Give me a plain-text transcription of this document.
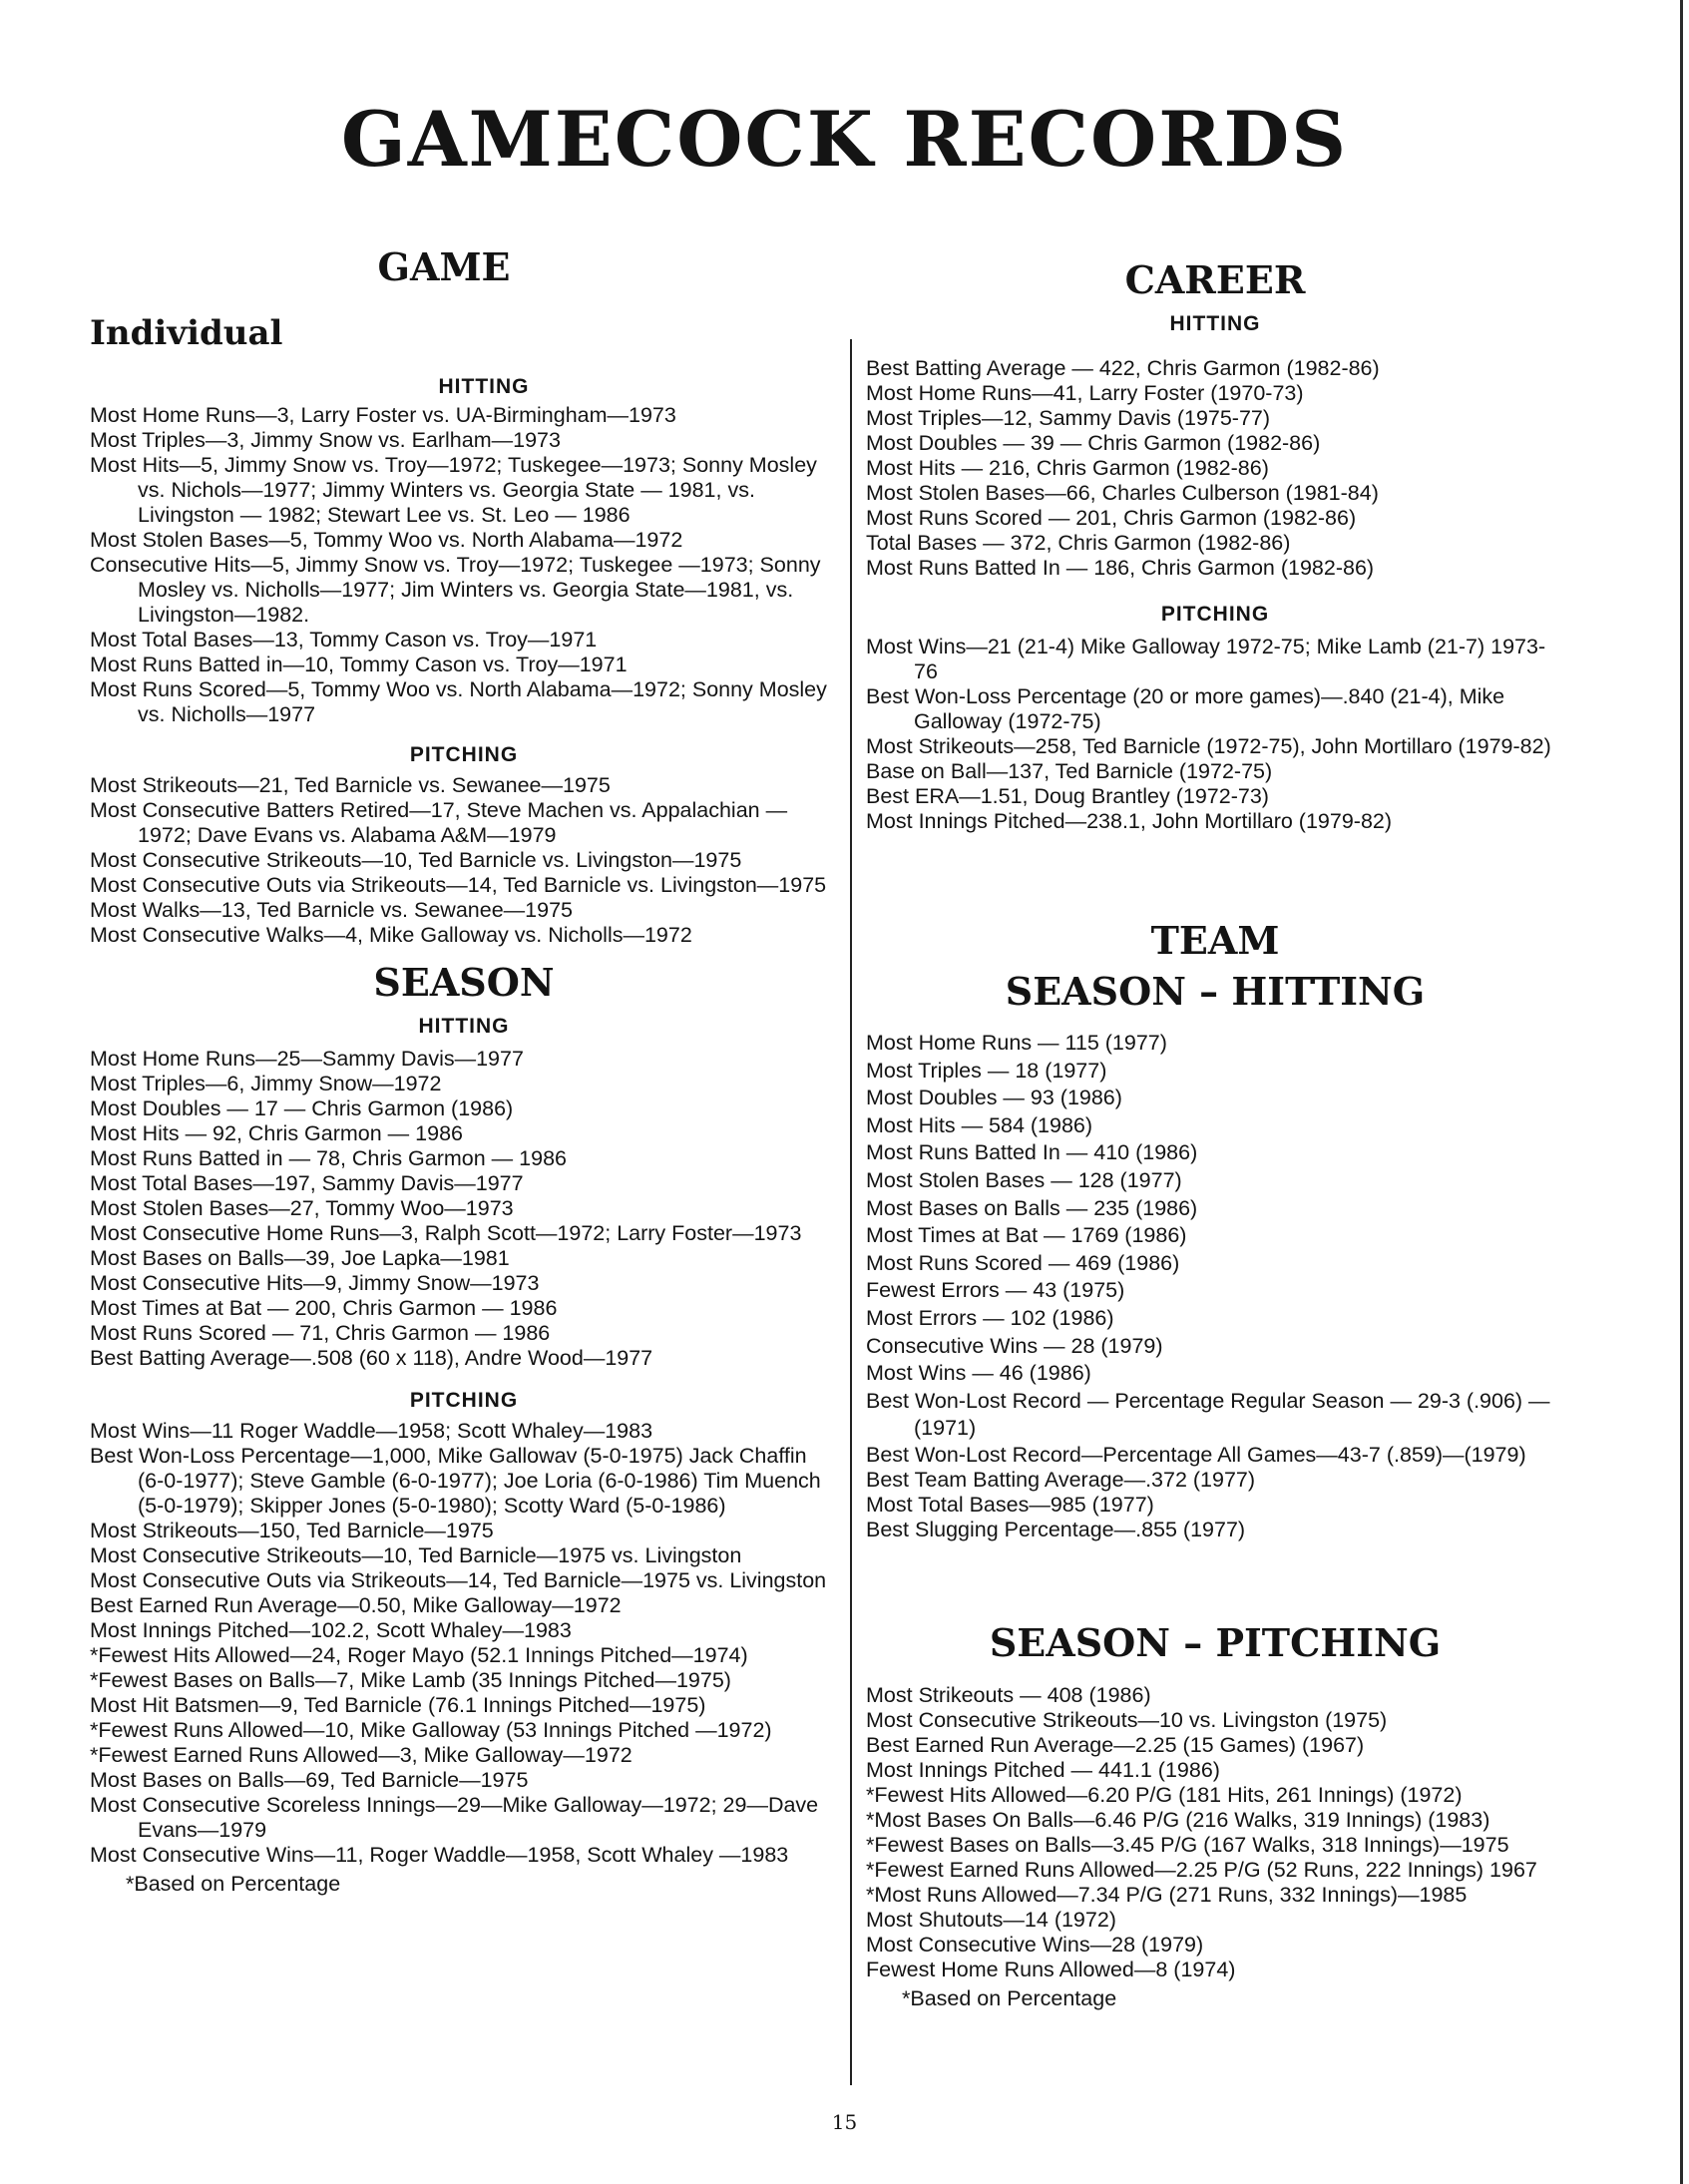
GAMECOCK RECORDS
GAME
Individual
HITTING

Most Home Runs—3, Larry Foster vs. UA-Birmingham—1973

Most Triples—3, Jimmy Snow vs. Earlham—1973

Most Hits—5, Jimmy Snow vs. Troy—1972; Tuskegee—1973; Sonny Mosley vs. Nichols—1977; Jimmy Winters vs. Georgia State — 1981, vs. Livingston — 1982; Stewart Lee vs. St. Leo — 1986

Most Stolen Bases—5, Tommy Woo vs. North Alabama—1972

Consecutive Hits—5, Jimmy Snow vs. Troy—1972; Tuskegee —1973; Sonny Mosley vs. Nicholls—1977; Jim Winters vs. Georgia State—1981, vs. Livingston—1982.

Most Total Bases—13, Tommy Cason vs. Troy—1971

Most Runs Batted in—10, Tommy Cason vs. Troy—1971

Most Runs Scored—5, Tommy Woo vs. North Alabama—1972; Sonny Mosley vs. Nicholls—1977

PITCHING

Most Strikeouts—21, Ted Barnicle vs. Sewanee—1975

Most Consecutive Batters Retired—17, Steve Machen vs. Appalachian —1972; Dave Evans vs. Alabama A&M—1979

Most Consecutive Strikeouts—10, Ted Barnicle vs. Livingston—1975

Most Consecutive Outs via Strikeouts—14, Ted Barnicle vs. Livingston—1975

Most Walks—13, Ted Barnicle vs. Sewanee—1975

Most Consecutive Walks—4, Mike Galloway vs. Nicholls—1972

SEASON
HITTING

Most Home Runs—25—Sammy Davis—1977

Most Triples—6, Jimmy Snow—1972

Most Doubles — 17 — Chris Garmon (1986)

Most Hits — 92, Chris Garmon — 1986

Most Runs Batted in — 78, Chris Garmon — 1986

Most Total Bases—197, Sammy Davis—1977

Most Stolen Bases—27, Tommy Woo—1973

Most Consecutive Home Runs—3, Ralph Scott—1972; Larry Foster—1973

Most Bases on Balls—39, Joe Lapka—1981

Most Consecutive Hits—9, Jimmy Snow—1973

Most Times at Bat — 200, Chris Garmon — 1986

Most Runs Scored — 71, Chris Garmon — 1986

Best Batting Average—.508 (60 x 118), Andre Wood—1977

PITCHING

Most Wins—11 Roger Waddle—1958; Scott Whaley—1983

Best Won-Loss Percentage—1,000, Mike Gallowav (5-0-1975) Jack Chaffin (6-0-1977); Steve Gamble (6-0-1977); Joe Loria (6-0-1986) Tim Muench (5-0-1979); Skipper Jones (5-0-1980); Scotty Ward (5-0-1986)

Most Strikeouts—150, Ted Barnicle—1975

Most Consecutive Strikeouts—10, Ted Barnicle—1975 vs. Livingston

Most Consecutive Outs via Strikeouts—14, Ted Barnicle—1975 vs. Livingston

Best Earned Run Average—0.50, Mike Galloway—1972

Most Innings Pitched—102.2, Scott Whaley—1983

*Fewest Hits Allowed—24, Roger Mayo (52.1 Innings Pitched—1974)

*Fewest Bases on Balls—7, Mike Lamb (35 Innings Pitched—1975)

Most Hit Batsmen—9, Ted Barnicle (76.1 Innings Pitched—1975)

*Fewest Runs Allowed—10, Mike Galloway (53 Innings Pitched —1972)

*Fewest Earned Runs Allowed—3, Mike Galloway—1972

Most Bases on Balls—69, Ted Barnicle—1975

Most Consecutive Scoreless Innings—29—Mike Galloway—1972; 29—Dave Evans—1979

Most Consecutive Wins—11, Roger Waddle—1958, Scott Whaley —1983

*Based on Percentage

CAREER
HITTING

Best Batting Average — 422, Chris Garmon (1982-86)

Most Home Runs—41, Larry Foster (1970-73)

Most Triples—12, Sammy Davis (1975-77)

Most Doubles — 39 — Chris Garmon (1982-86)

Most Hits — 216, Chris Garmon (1982-86)

Most Stolen Bases—66, Charles Culberson (1981-84)

Most Runs Scored — 201, Chris Garmon (1982-86)

Total Bases — 372, Chris Garmon (1982-86)

Most Runs Batted In — 186, Chris Garmon (1982-86)

PITCHING

Most Wins—21 (21-4) Mike Galloway 1972-75; Mike Lamb (21-7) 1973-76

Best Won-Loss Percentage (20 or more games)—.840 (21-4), Mike Galloway (1972-75)

Most Strikeouts—258, Ted Barnicle (1972-75), John Mortillaro (1979-82)

Base on Ball—137, Ted Barnicle (1972-75)

Best ERA—1.51, Doug Brantley (1972-73)

Most Innings Pitched—238.1, John Mortillaro (1979-82)

TEAM
SEASON – HITTING

Most Home Runs — 115 (1977)

Most Triples — 18 (1977)

Most Doubles — 93 (1986)

Most Hits — 584 (1986)

Most Runs Batted In — 410 (1986)

Most Stolen Bases — 128 (1977)

Most Bases on Balls — 235 (1986)

Most Times at Bat — 1769 (1986)

Most Runs Scored — 469 (1986)

Fewest Errors — 43 (1975)

Most Errors — 102 (1986)

Consecutive Wins — 28 (1979)

Most Wins — 46 (1986)

Best Won-Lost Record — Percentage Regular Season — 29-3 (.906) —(1971)

Best Won-Lost Record—Percentage All Games—43-7 (.859)—(1979)

Best Team Batting Average—.372 (1977)

Most Total Bases—985 (1977)

Best Slugging Percentage—.855 (1977)

SEASON – PITCHING

Most Strikeouts — 408 (1986)

Most Consecutive Strikeouts—10 vs. Livingston (1975)

Best Earned Run Average—2.25 (15 Games) (1967)

Most Innings Pitched — 441.1 (1986)

*Fewest Hits Allowed—6.20 P/G (181 Hits, 261 Innings) (1972)

*Most Bases On Balls—6.46 P/G (216 Walks, 319 Innings) (1983)

*Fewest Bases on Balls—3.45 P/G (167 Walks, 318 Innings)—1975

*Fewest Earned Runs Allowed—2.25 P/G (52 Runs, 222 Innings) 1967

*Most Runs Allowed—7.34 P/G (271 Runs, 332 Innings)—1985

Most Shutouts—14 (1972)

Most Consecutive Wins—28 (1979)

Fewest Home Runs Allowed—8 (1974)

*Based on Percentage

15
